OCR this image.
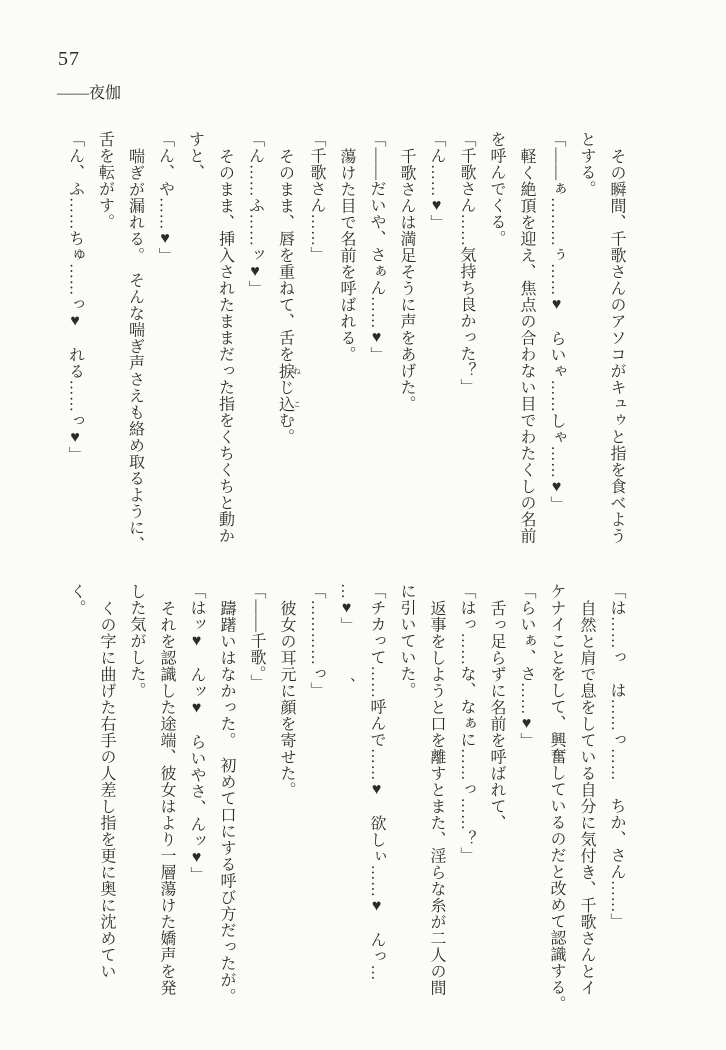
57
――夜伽
その瞬間、千歌さんのアソコがキュゥと指を食べよう
とする。
「――ぁ………ぅ……♥　らいゃ……しゃ……♥」
軽く絶頂を迎え、焦点の合わない目でわたくしの名前
を呼んでくる。
「千歌さん……気持ち良かった？」
「ん……♥」
千歌さんは満足そうに声をあげた。
「――だいや、さぁん……♥」
蕩けた目で名前を呼ばれる。
「千歌さん……」
そのまま、唇を重ねて、舌を捩 ねじ込 こむ。
「ん……ふ……ッ♥」
そのまま、挿入されたままだった指をくちくちと動か
すと、
「ん、や……♥」
喘ぎが漏れる。　そんな喘ぎ声さえも絡め取るように、
舌を転がす。
「ん、ふ……ちゅ……っ♥　れる……っ♥」
「は……っ　は……っ……　ちか、さん……」
自然と肩で息をしている自分に気付き、千歌さんとイ
ケナイことをして、興奮しているのだと改めて認識する。
「らいぁ、さ……♥」
舌っ足らずに名前を呼ばれて、
「はっ……な、なぁに……っ……？」
返事をしようと口を離すとまた、淫らな糸が二人の間
に引いていた。
「チカって……呼んで……♥　欲しぃ……♥　んっ…
…♥」
「…………っ」
彼女の耳元に顔を寄せた。
「――千歌。」
躊躇いはなかった。　初めて口にする呼び方だったが。
「はッ♥　んッ♥　らいやさ、んッ♥」
それを認識した途端、彼女はより一層蕩けた嬌声を発
した気がした。
くの字に曲げた右手の人差し指を更に奥に沈めてい
く。
、
